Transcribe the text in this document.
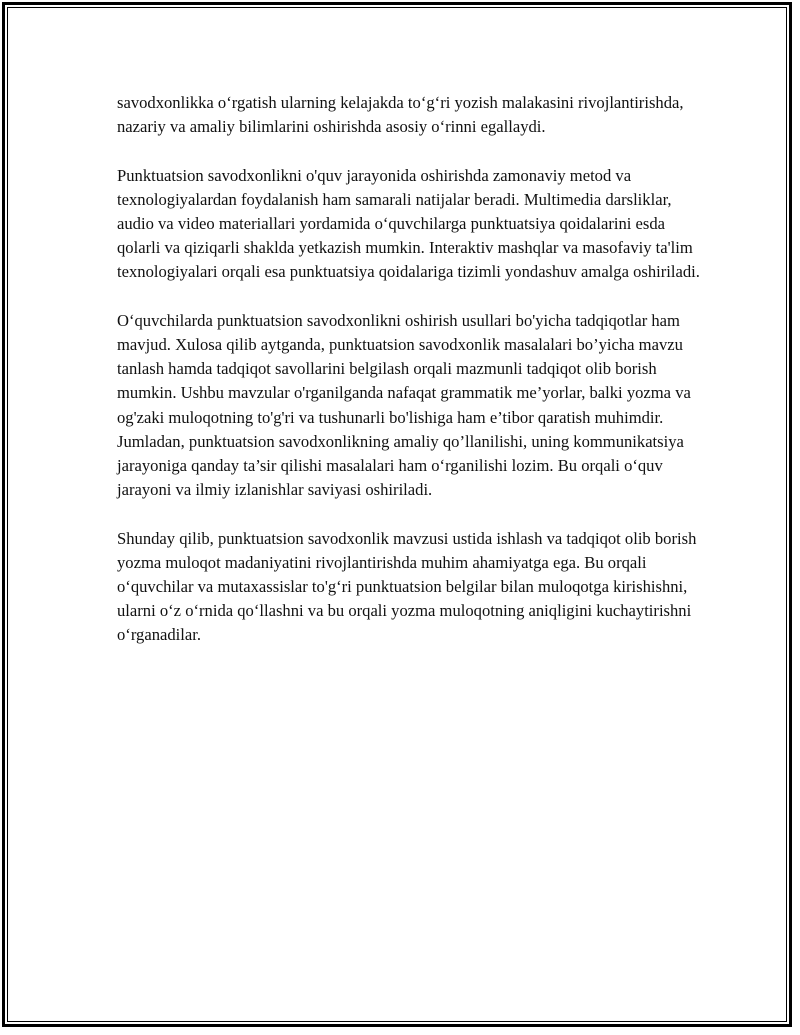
savodxonlikka o‘rgatish ularning kelajakda to‘g‘ri yozish malakasini rivojlantirishda, nazariy va amaliy bilimlarini oshirishda asosiy o‘rinni egallaydi.

Punktuatsion savodxonlikni o'quv jarayonida oshirishda zamonaviy metod va texnologiyalardan foydalanish ham samarali natijalar beradi. Multimedia darsliklar, audio va video materiallari yordamida o‘quvchilarga punktuatsiya qoidalarini esda qolarli va qiziqarli shaklda yetkazish mumkin. Interaktiv mashqlar va masofaviy ta'lim texnologiyalari orqali esa punktuatsiya qoidalariga tizimli yondashuv amalga oshiriladi.

O‘quvchilarda punktuatsion savodxonlikni oshirish usullari bo'yicha tadqiqotlar ham mavjud. Xulosa qilib aytganda, punktuatsion savodxonlik masalalari bo’yicha mavzu tanlash hamda tadqiqot savollarini belgilash orqali mazmunli tadqiqot olib borish mumkin. Ushbu mavzular o'rganilganda nafaqat grammatik me’yorlar, balki yozma va og'zaki muloqotning to'g'ri va tushunarli bo'lishiga ham e’tibor qaratish muhimdir. Jumladan, punktuatsion savodxonlikning amaliy qo’llanilishi, uning kommunikatsiya jarayoniga qanday ta’sir qilishi masalalari ham o‘rganilishi lozim. Bu orqali o‘quv jarayoni va ilmiy izlanishlar saviyasi oshiriladi.

Shunday qilib, punktuatsion savodxonlik mavzusi ustida ishlash va tadqiqot olib borish yozma muloqot madaniyatini rivojlantirishda muhim ahamiyatga ega. Bu orqali o‘quvchilar va mutaxassislar to'g‘ri punktuatsion belgilar bilan muloqotga kirishishni, ularni o‘z o‘rnida qo‘llashni va bu orqali yozma muloqotning aniqligini kuchaytirishni o‘rganadilar.
